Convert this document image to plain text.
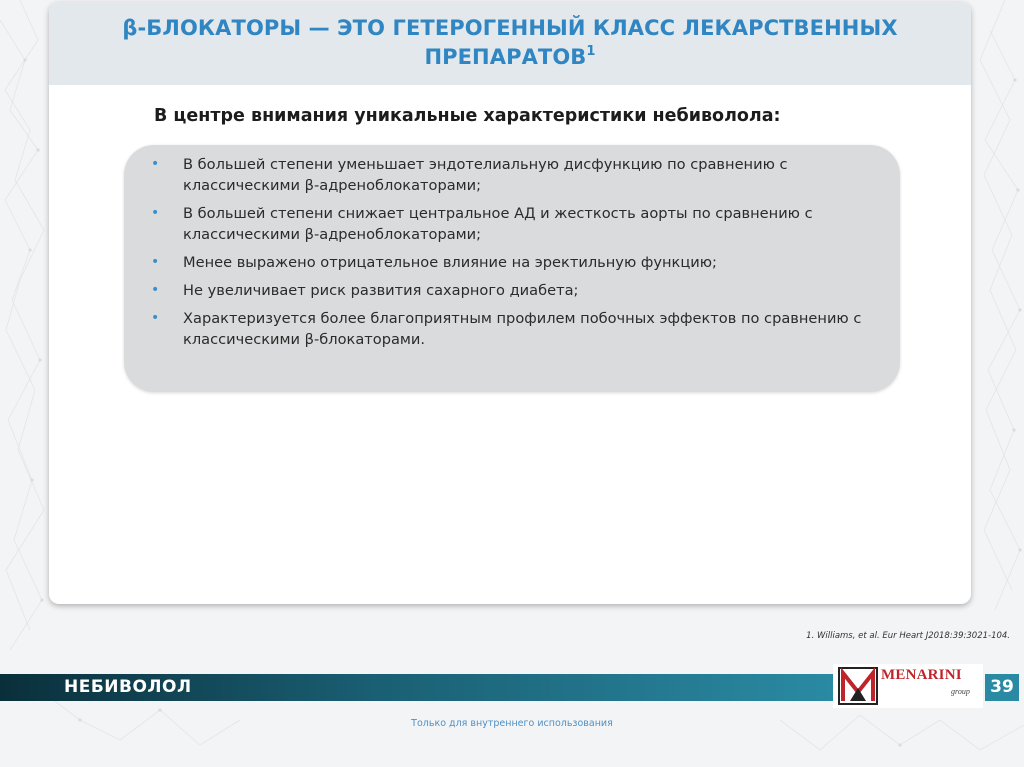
β-БЛОКАТОРЫ — ЭТО ГЕТЕРОГЕННЫЙ КЛАСС ЛЕКАРСТВЕННЫХ ПРЕПАРАТОВ$^1$
В центре внимания уникальные характеристики небиволола:
• В большей степени уменьшает эндотелиальную дисфункцию по сравнению с классическими β-адреноблокаторами;
• В большей степени снижает центральное АД и жесткость аорты по сравнению с классическими β-адреноблокаторами;
• Менее выражено отрицательное влияние на эректильную функцию;
• Не увеличивает риск развития сахарного диабета;
• Характеризуется более благоприятным профилем побочных эффектов по сравнению с классическими β-блокаторами.
1. Williams, et al. Eur Heart J2018:39:3021-104.
НЕБИВОЛОЛ
MENARINI
group	39
Только для внутреннего использования
